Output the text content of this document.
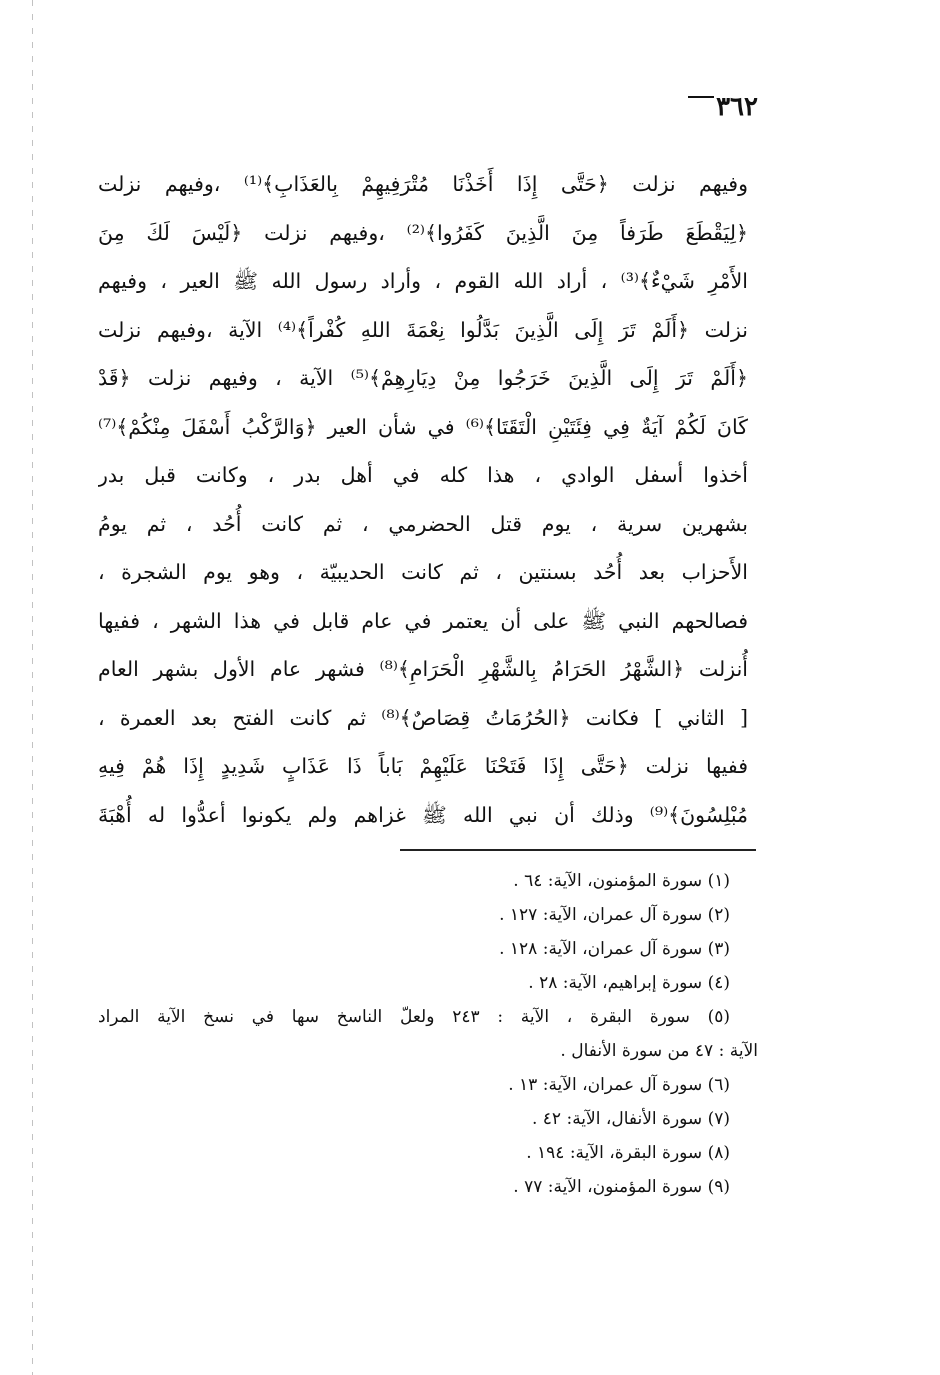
٣٦٢
وفيهم نزلت ﴿حَتَّى إِذَا أَخَذْنَا مُتْرَفِيهِمْ بِالعَذَابِ﴾⁽¹⁾ ،وفيهم نزلت
﴿لِيَقْطَعَ طَرَفاً مِنَ الَّذِينَ كَفَرُوا﴾⁽²⁾ ،وفيهم نزلت ﴿لَيْسَ لَكَ مِنَ
الأَمْرِ شَيْءٌ﴾⁽³⁾ ، أراد الله القوم ، وأراد رسول الله ﷺ العير ، وفيهم
نزلت ﴿أَلَمْ تَرَ إِلَى الَّذِينَ بَدَّلُوا نِعْمَةَ اللهِ كُفْراً﴾⁽⁴⁾ الآية ،وفيهم نزلت
﴿أَلَمْ تَرَ إِلَى الَّذِينَ خَرَجُوا مِنْ دِيَارِهِمْ﴾⁽⁵⁾ الآية ، وفيهم نزلت ﴿قَدْ
كَانَ لَكُمْ آيَةٌ فِي فِئَتَيْنِ الْتَقَتَا﴾⁽⁶⁾ في شأن العير ﴿وَالرَّكْبُ أَسْفَلَ مِنْكُمْ﴾⁽⁷⁾
أخذوا أسفل الوادي ، هذا كله في أهل بدر ، وكانت قبل بدر
بشهرين سرية ، يوم قتل الحضرمي ، ثم كانت أُحُد ، ثم يومُ
الأَحزاب بعد أُحُد بسنتين ، ثم كانت الحديبيّة ، وهو يوم الشجرة ،
فصالحهم النبي ﷺ على أن يعتمر في عام قابل في هذا الشهر ، ففيها
أُنزلت ﴿الشَّهْرُ الحَرَامُ بِالشَّهْرِ الْحَرَامِ﴾⁽⁸⁾ فشهر عام الأول بشهر العام
[ الثاني ] فكانت ﴿الحُرُمَاتُ قِصَاصٌ﴾⁽⁸⁾ ثم كانت الفتح بعد العمرة ،
ففيها نزلت ﴿حَتَّى إِذَا فَتَحْنَا عَلَيْهِمْ بَاباً ذَا عَذَابٍ شَدِيدٍ إِذَا هُمْ فِيهِ
مُبْلِسُونَ﴾⁽⁹⁾ وذلك أن نبي الله ﷺ غزاهم ولم يكونوا أعدُّوا له أُهْبَةَ
(١) سورة المؤمنون، الآية: ٦٤ .
(٢) سورة آل عمران، الآية: ١٢٧ .
(٣) سورة آل عمران، الآية: ١٢٨ .
(٤) سورة إبراهيم، الآية: ٢٨ .
(٥) سورة البقرة ، الآية : ٢٤٣ ولعلّ الناسخ سها في نسخ الآية المراد
الآية : ٤٧ من سورة الأنفال .
(٦) سورة آل عمران، الآية: ١٣ .
(٧) سورة الأنفال، الآية: ٤٢ .
(٨) سورة البقرة، الآية: ١٩٤ .
(٩) سورة المؤمنون، الآية: ٧٧ .
